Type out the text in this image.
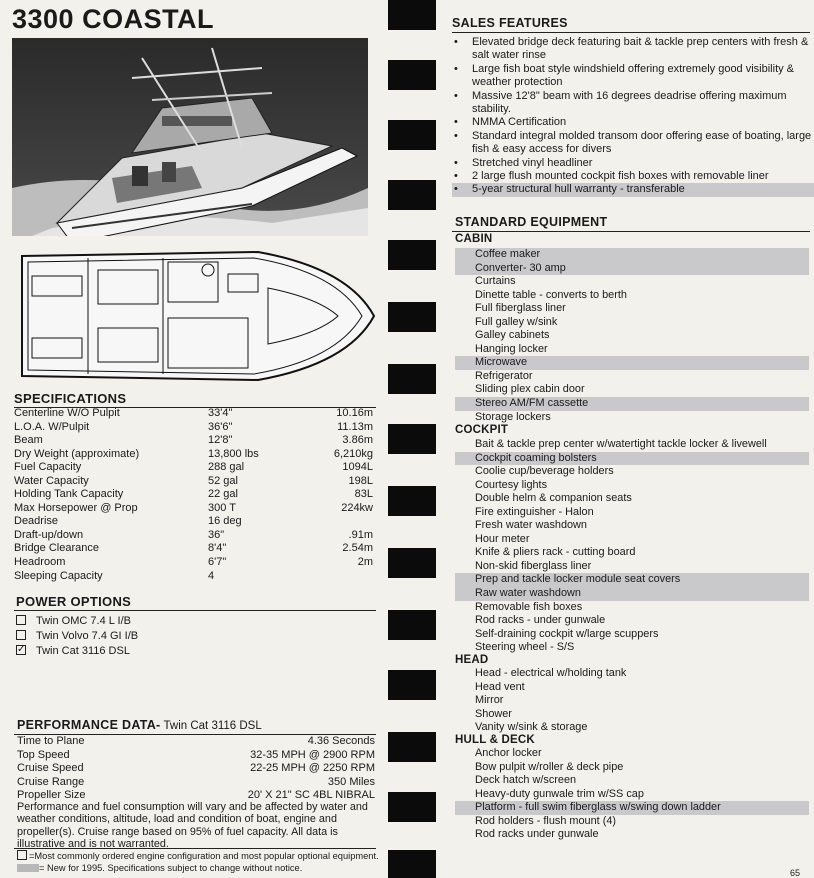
3300 COASTAL
SPECIFICATIONS
Centerline W/O Pulpit	33'4"	10.16m
L.O.A. W/Pulpit	36'6"	11.13m
Beam	12'8"	3.86m
Dry Weight (approximate)	13,800 lbs	6,210kg
Fuel Capacity	288 gal	1094L
Water Capacity	52 gal	198L
Holding Tank Capacity	22 gal	83L
Max Horsepower @ Prop	300 T	224kw
Deadrise	16 deg
Draft-up/down	36"	.91m
Bridge Clearance	8'4"	2.54m
Headroom	6'7"	2m
Sleeping Capacity	4
POWER OPTIONS
Twin OMC 7.4 L I/B
Twin Volvo 7.4 GI I/B
✓Twin Cat 3116 DSL
PERFORMANCE DATA- Twin Cat 3116 DSL
Time to Plane	4.36 Seconds
Top Speed	32-35 MPH @ 2900 RPM
Cruise Speed	22-25 MPH @ 2250 RPM
Cruise Range	350 Miles
Propeller Size	20' X 21" SC 4BL NIBRAL
Performance and fuel consumption will vary and be affected by water and weather conditions, altitude, load and condition of boat, engine and propeller(s). Cruise range based on 95% of fuel capacity. All data is illustrative and is not warranted.
=Most commonly ordered engine configuration and most popular optional equipment.
= New for 1995. Specifications subject to change without notice.
SALES FEATURES
• Elevated bridge deck featuring bait & tackle prep centers with fresh & salt water rinse
• Large fish boat style windshield offering extremely good visibility & weather protection
• Massive 12'8" beam with 16 degrees deadrise offering maximum stability.
• NMMA Certification
• Standard integral molded transom door offering ease of boating, large fish & easy access for divers
• Stretched vinyl headliner
• 2 large flush mounted cockpit fish boxes with removable liner
• 5-year structural hull warranty - transferable
STANDARD EQUIPMENT
CABIN
Coffee maker
Converter- 30 amp
Curtains
Dinette table - converts to berth
Full fiberglass liner
Full galley w/sink
Galley cabinets
Hanging locker
Microwave
Refrigerator
Sliding plex cabin door
Stereo AM/FM cassette
Storage lockers
COCKPIT
Bait & tackle prep center w/watertight tackle locker & livewell
Cockpit coaming bolsters
Coolie cup/beverage holders
Courtesy lights
Double helm & companion seats
Fire extinguisher - Halon
Fresh water washdown
Hour meter
Knife & pliers rack - cutting board
Non-skid fiberglass liner
Prep and tackle locker module seat covers
Raw water washdown
Removable fish boxes
Rod racks - under gunwale
Self-draining cockpit w/large scuppers
Steering wheel - S/S
HEAD
Head - electrical w/holding tank
Head vent
Mirror
Shower
Vanity w/sink & storage
HULL & DECK
Anchor locker
Bow pulpit w/roller & deck pipe
Deck hatch w/screen
Heavy-duty gunwale trim w/SS cap
Platform - full swim fiberglass w/swing down ladder
Rod holders - flush mount (4)
Rod racks under gunwale
65
